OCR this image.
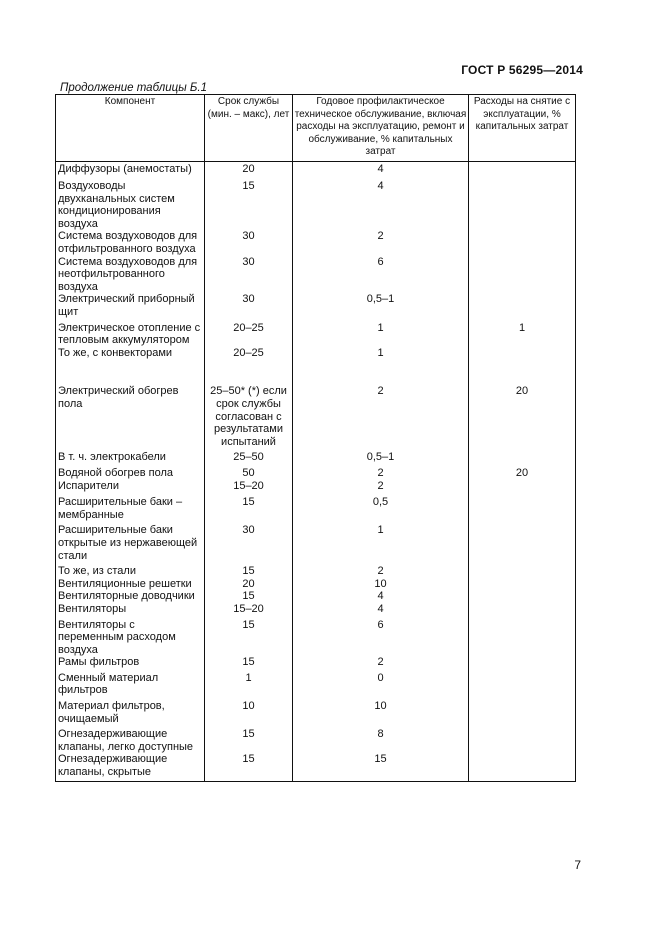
ГОСТ Р 56295—2014
Продолжение таблицы Б.1
Компонент	Срок службы (мин. – макс), лет	Годовое профилактическое техническое обслуживание, включая расходы на эксплуатацию, ремонт и обслуживание, % капитальных затрат	Расходы на снятие с эксплуатации, % капитальных затрат
Диффузоры (анемостаты)	20	4	
Воздуховоды двухканальных систем кондиционирования воздуха	15	4	
Система воздуховодов для отфильтрованного воздуха	30	2	
Система воздуховодов для неотфильтрованного воздуха	30	6	
Электрический приборный щит	30	0,5–1	
Электрическое отопление с тепловым аккумулятором	20–25	1	1
То же, с конвекторами	20–25	1	
Электрический обогрев пола	25–50* (*) если срок службы согласован с результатами испытаний	2	20
В т. ч. электрокабели	25–50	0,5–1	
Водяной обогрев пола	50	2	20
Испарители	15–20	2	
Расширительные баки – мембранные	15	0,5	
Расширительные баки открытые из нержавеющей стали	30	1	
То же, из стали	15	2	
Вентиляционные решетки	20	10	
Вентиляторные доводчики	15	4	
Вентиляторы	15–20	4	
Вентиляторы с переменным расходом воздуха	15	6	
Рамы фильтров	15	2	
Сменный материал фильтров	1	0	
Материал фильтров, очищаемый	10	10	
Огнезадерживающие клапаны, легко доступные	15	8	
Огнезадерживающие клапаны, скрытые	15	15	
7
